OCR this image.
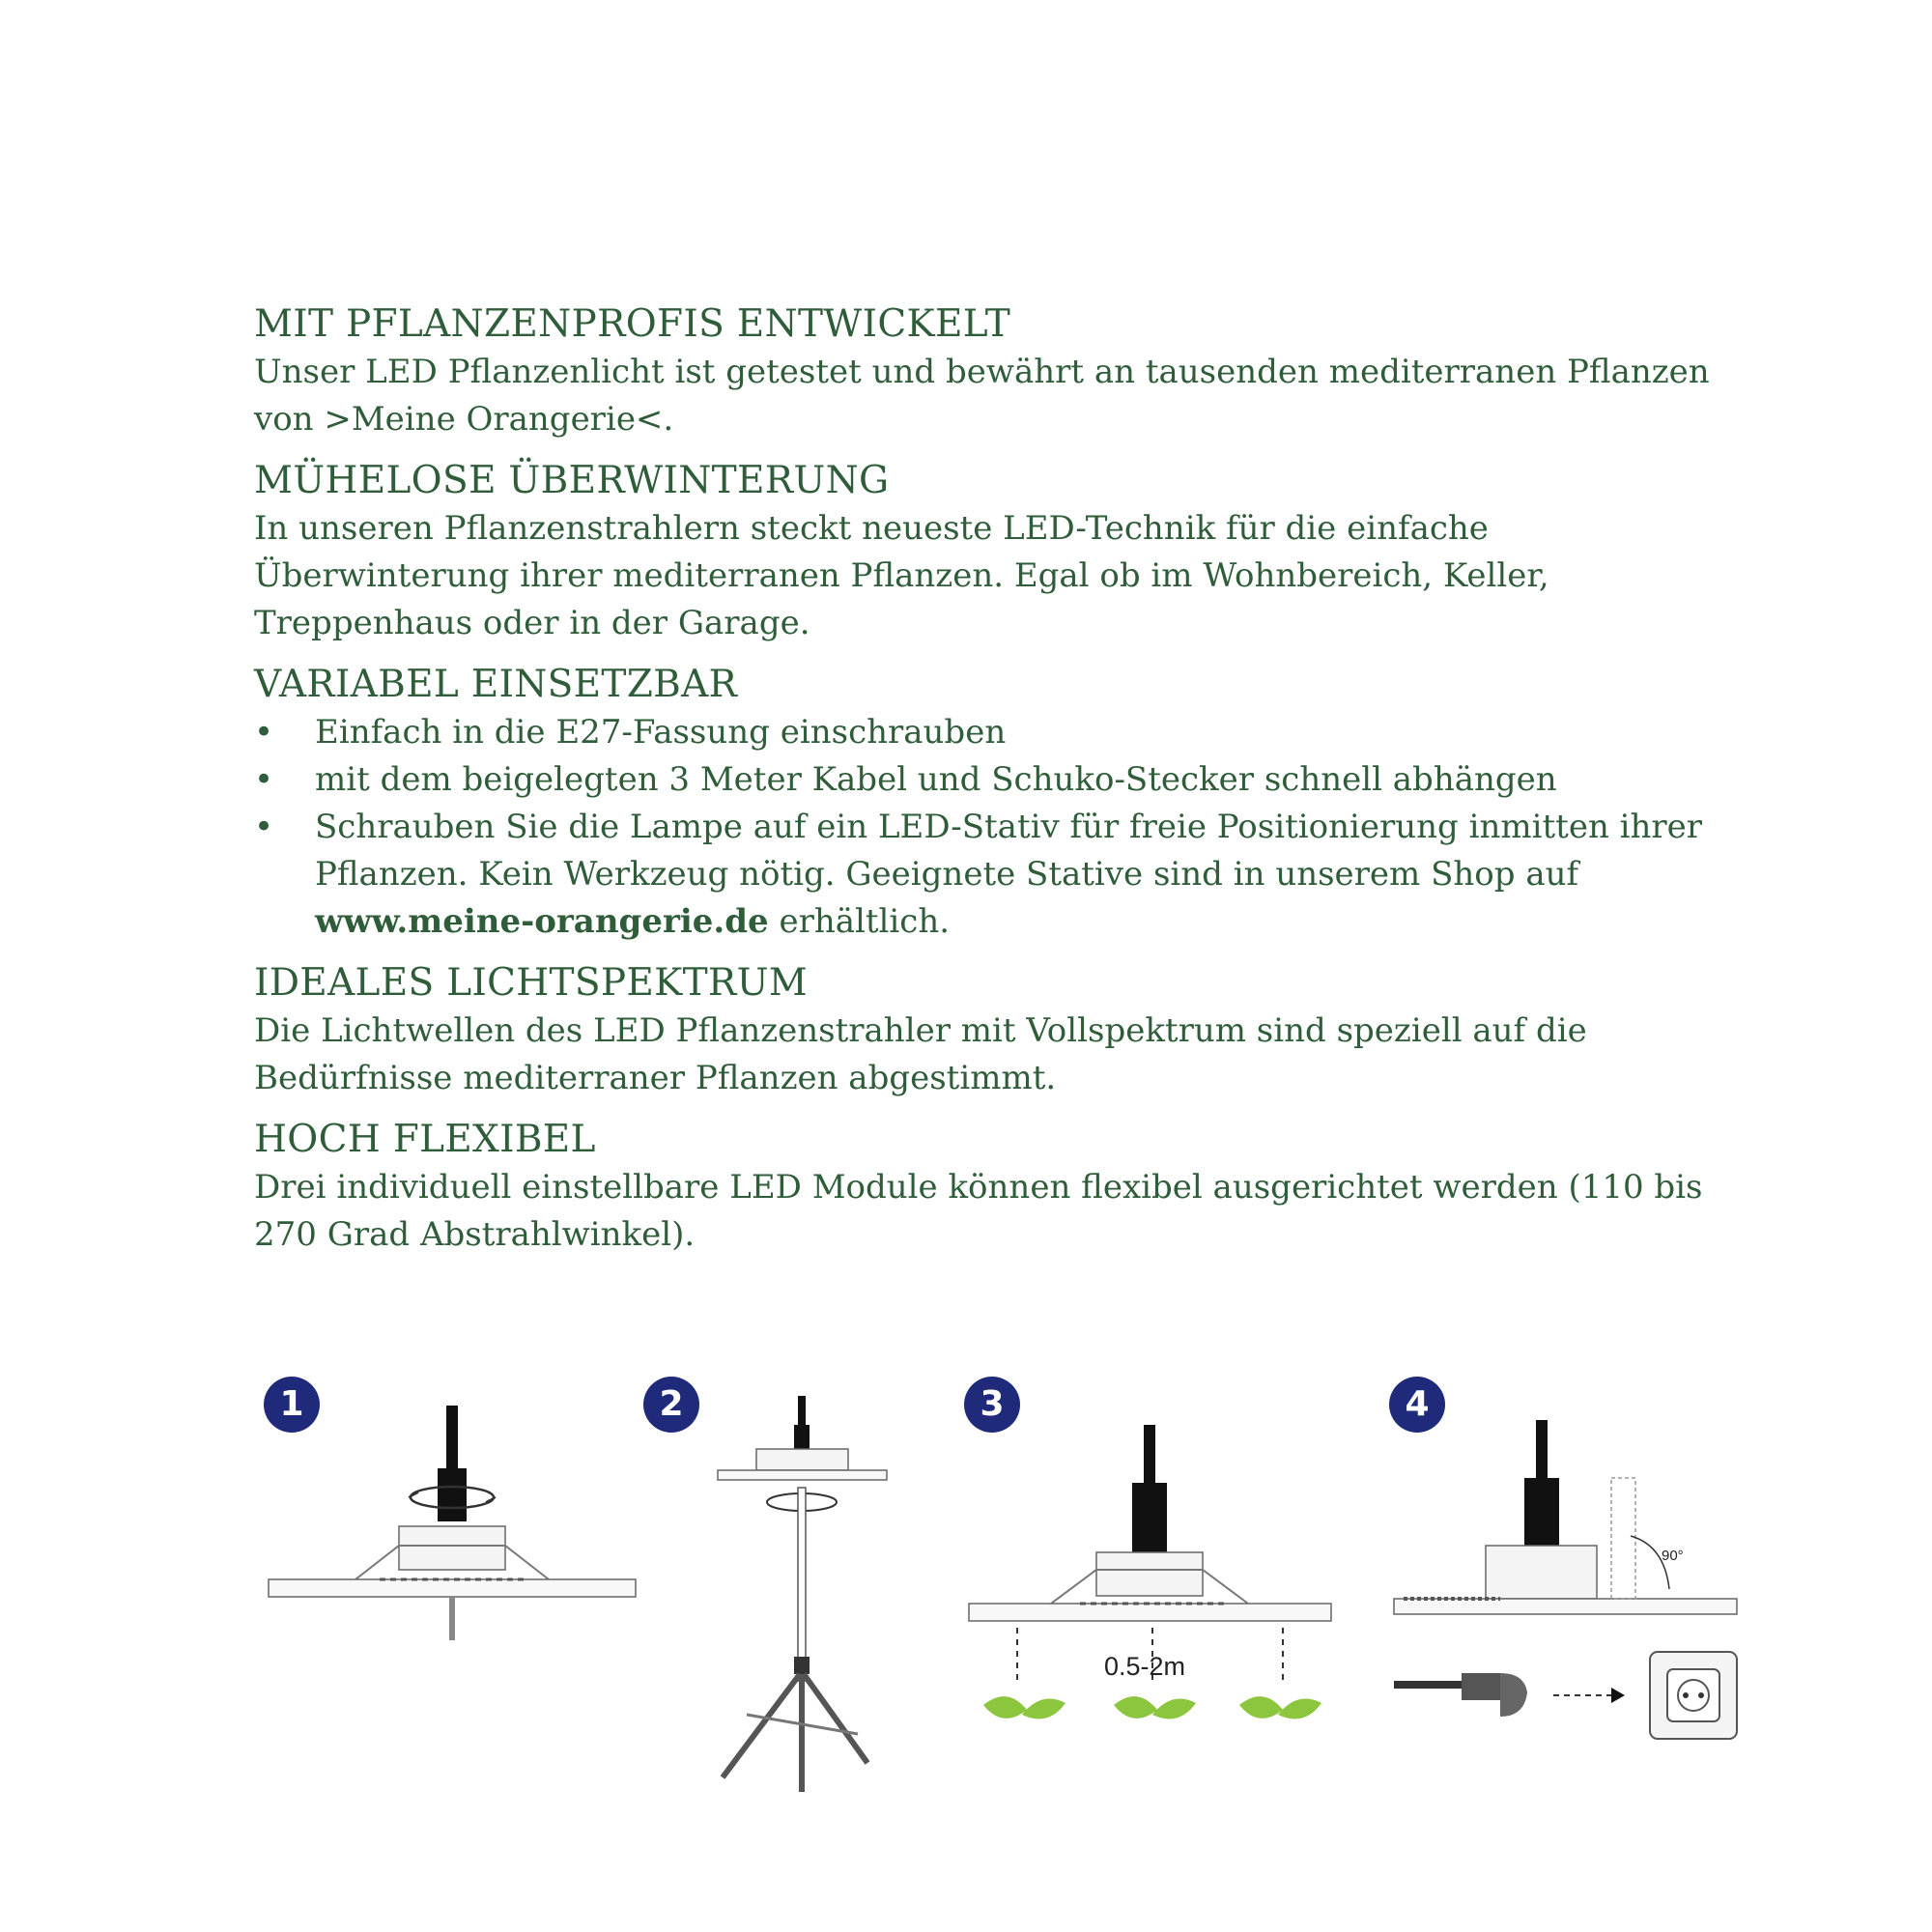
MIT PFLANZENPROFIS ENTWICKELT

Unser LED Pflanzenlicht ist getestet und bewährt an tausenden mediterranen Pflanzen von >Meine Orangerie<.

MÜHELOSE ÜBERWINTERUNG

In unseren Pflanzenstrahlern steckt neueste LED-Technik für die einfache Überwinterung ihrer mediterranen Pflanzen. Egal ob im Wohnbereich, Keller, Treppenhaus oder in der Garage.

VARIABEL EINSETZBAR
• Einfach in die E27-Fassung einschrauben
• mit dem beigelegten 3 Meter Kabel und Schuko-Stecker schnell abhängen
• Schrauben Sie die Lampe auf ein LED-Stativ für freie Positionierung inmitten ihrer Pflanzen. Kein Werkzeug nötig. Geeignete Stative sind in unserem Shop auf www.meine-orangerie.de erhältlich.
IDEALES LICHTSPEKTRUM

Die Lichtwellen des LED Pflanzenstrahler mit Vollspektrum sind speziell auf die Bedürfnisse mediterraner Pflanzen abgestimmt.

HOCH FLEXIBEL

Drei individuell einstellbare LED Module können flexibel ausgerichtet werden (110 bis 270 Grad Abstrahlwinkel).

1	2	3
0.5-2m
4
90°
